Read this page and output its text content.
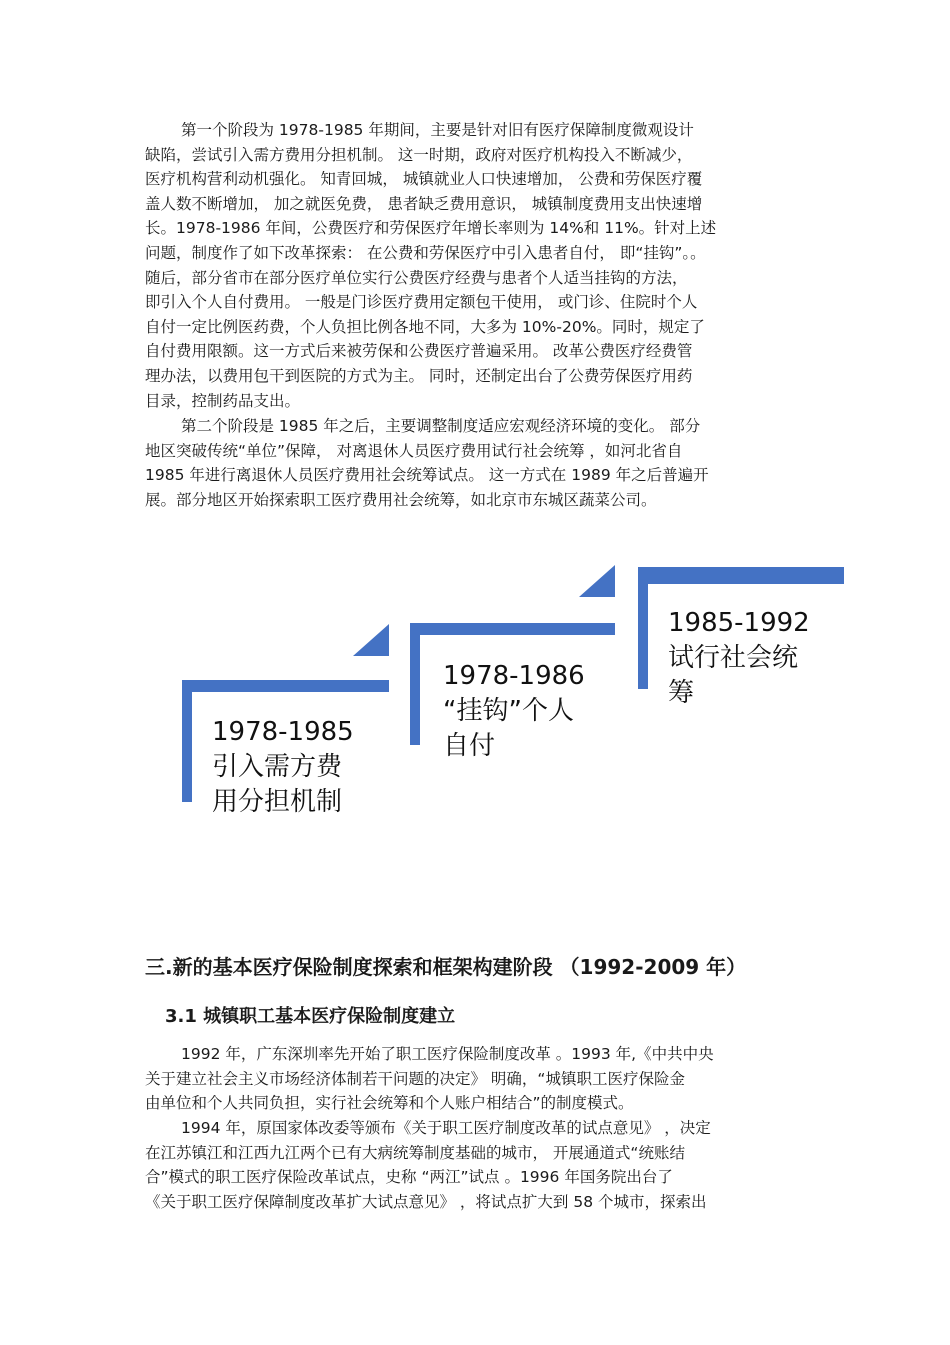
第一个阶段为 1978-1985 年期间，主要是针对旧有医疗保障制度微观设计
缺陷，尝试引入需方费用分担机制。 这一时期，政府对医疗机构投入不断减少，
医疗机构营利动机强化。 知青回城， 城镇就业人口快速增加， 公费和劳保医疗覆
盖人数不断增加， 加之就医免费， 患者缺乏费用意识， 城镇制度费用支出快速增
长。1978-1986 年间，公费医疗和劳保医疗年增长率则为 14%和 11%。针对上述
问题，制度作了如下改革探索： 在公费和劳保医疗中引入患者自付， 即“挂钩”。。
随后，部分省市在部分医疗单位实行公费医疗经费与患者个人适当挂钩的方法，
即引入个人自付费用。 一般是门诊医疗费用定额包干使用， 或门诊、住院时个人
自付一定比例医药费，个人负担比例各地不同，大多为 10%-20%。同时，规定了
自付费用限额。这一方式后来被劳保和公费医疗普遍采用。 改革公费医疗经费管
理办法，以费用包干到医院的方式为主。 同时，还制定出台了公费劳保医疗用药
目录，控制药品支出。
第二个阶段是 1985 年之后，主要调整制度适应宏观经济环境的变化。 部分
地区突破传统“单位”保障， 对离退休人员医疗费用试行社会统筹 ，如河北省自
1985 年进行离退休人员医疗费用社会统筹试点。 这一方式在 1989 年之后普遍开
展。部分地区开始探索职工医疗费用社会统筹，如北京市东城区蔬菜公司。
1978-1985
引入需方费
用分担机制
1978-1986
“挂钩”个人
自付
1985-1992
试行社会统
筹
三.新的基本医疗保险制度探索和框架构建阶段 （1992-2009 年）
3.1 城镇职工基本医疗保险制度建立
1992 年，广东深圳率先开始了职工医疗保险制度改革 。1993 年,《中共中央
关于建立社会主义市场经济体制若干问题的决定》 明确，“城镇职工医疗保险金
由单位和个人共同负担，实行社会统筹和个人账户相结合”的制度模式。
1994 年，原国家体改委等颁布《关于职工医疗制度改革的试点意见》 ，决定
在江苏镇江和江西九江两个已有大病统筹制度基础的城市， 开展通道式“统账结
合”模式的职工医疗保险改革试点，史称 “两江”试点 。1996 年国务院出台了
《关于职工医疗保障制度改革扩大试点意见》 ，将试点扩大到 58 个城市，探索出
